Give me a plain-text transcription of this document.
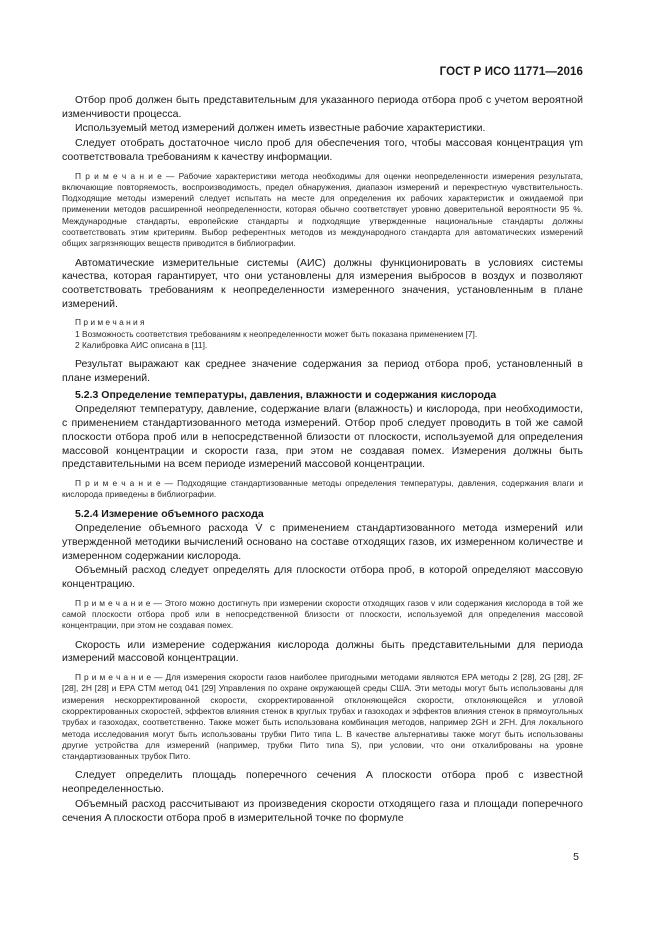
ГОСТ Р ИСО 11771—2016

Отбор проб должен быть представительным для указанного периода отбора проб с учетом вероятной изменчивости процесса.

Используемый метод измерений должен иметь известные рабочие характеристики.

Следует отобрать достаточное число проб для обеспечения того, чтобы массовая концентрация γm соответствовала требованиям к качеству информации.

П р и м е ч а н и е — Рабочие характеристики метода необходимы для оценки неопределенности измерения результата, включающие повторяемость, воспроизводимость, предел обнаружения, диапазон измерений и перекрестную чувствительность. Подходящие методы измерений следует испытать на месте для определения их рабочих характеристик и ожидаемой при применении методов расширенной неопределенности, которая обычно соответствует уровню доверительной вероятности 95 %. Международные стандарты, европейские стандарты и подходящие утвержденные национальные стандарты должны соответствовать этим критериям. Выбор референтных методов из международного стандарта для автоматических измерений общих загрязняющих веществ приводится в библиографии.

Автоматические измерительные системы (АИС) должны функционировать в условиях системы качества, которая гарантирует, что они установлены для измерения выбросов в воздух и позволяют соответствовать требованиям к неопределенности измеренного значения, установленным в плане измерений.

П р и м е ч а н и я

1 Возможность соответствия требованиям к неопределенности может быть показана применением [7].

2 Калибровка АИС описана в [11].

Результат выражают как среднее значение содержания за период отбора проб, установленный в плане измерений.

5.2.3 Определение температуры, давления, влажности и содержания кислорода

Определяют температуру, давление, содержание влаги (влажность) и кислорода, при необходимости, с применением стандартизованного метода измерений. Отбор проб следует проводить в той же самой плоскости отбора проб или в непосредственной близости от плоскости, используемой для определения массовой концентрации и скорости газа, при этом не создавая помех. Измерения должны быть представительными на всем периоде измерений массовой концентрации.

П р и м е ч а н и е — Подходящие стандартизованные методы определения температуры, давления, содержания влаги и кислорода приведены в библиографии.

5.2.4 Измерение объемного расхода

Определение объемного расхода V̇ с применением стандартизованного метода измерений или утвержденной методики вычислений основано на составе отходящих газов, их измеренном количестве и измеренном содержании кислорода.

Объемный расход следует определять для плоскости отбора проб, в которой определяют массовую концентрацию.

П р и м е ч а н и е — Этого можно достигнуть при измерении скорости отходящих газов v или содержания кислорода в той же самой плоскости отбора проб или в непосредственной близости от плоскости, используемой для определения массовой концентрации, при этом не создавая помех.

Скорость или измерение содержания кислорода должны быть представительными для периода измерений массовой концентрации.

П р и м е ч а н и е — Для измерения скорости газов наиболее пригодными методами являются EPA методы 2 [28], 2G [28], 2F [28], 2H [28] и EPA CTM метод 041 [29] Управления по охране окружающей среды США. Эти методы могут быть использованы для измерения нескорректированной скорости, скорректированной отклоняющейся скорости, отклоняющейся и угловой скорректированных скоростей, эффектов влияния стенок в круглых трубах и газоходах и эффектов влияния стенок в прямоугольных трубах и газоходах, соответственно. Также может быть использована комбинация методов, например 2GH и 2FH. Для локального метода исследования могут быть использованы трубки Пито типа L. В качестве альтернативы также могут быть использованы другие устройства для измерений (например, трубки Пито типа S), при условии, что они откалиброваны на уровне стандартизованных трубок Пито.

Следует определить площадь поперечного сечения A плоскости отбора проб с известной неопределенностью.

Объемный расход рассчитывают из произведения скорости отходящего газа и площади поперечного сечения A плоскости отбора проб в измерительной точке по формуле

5
